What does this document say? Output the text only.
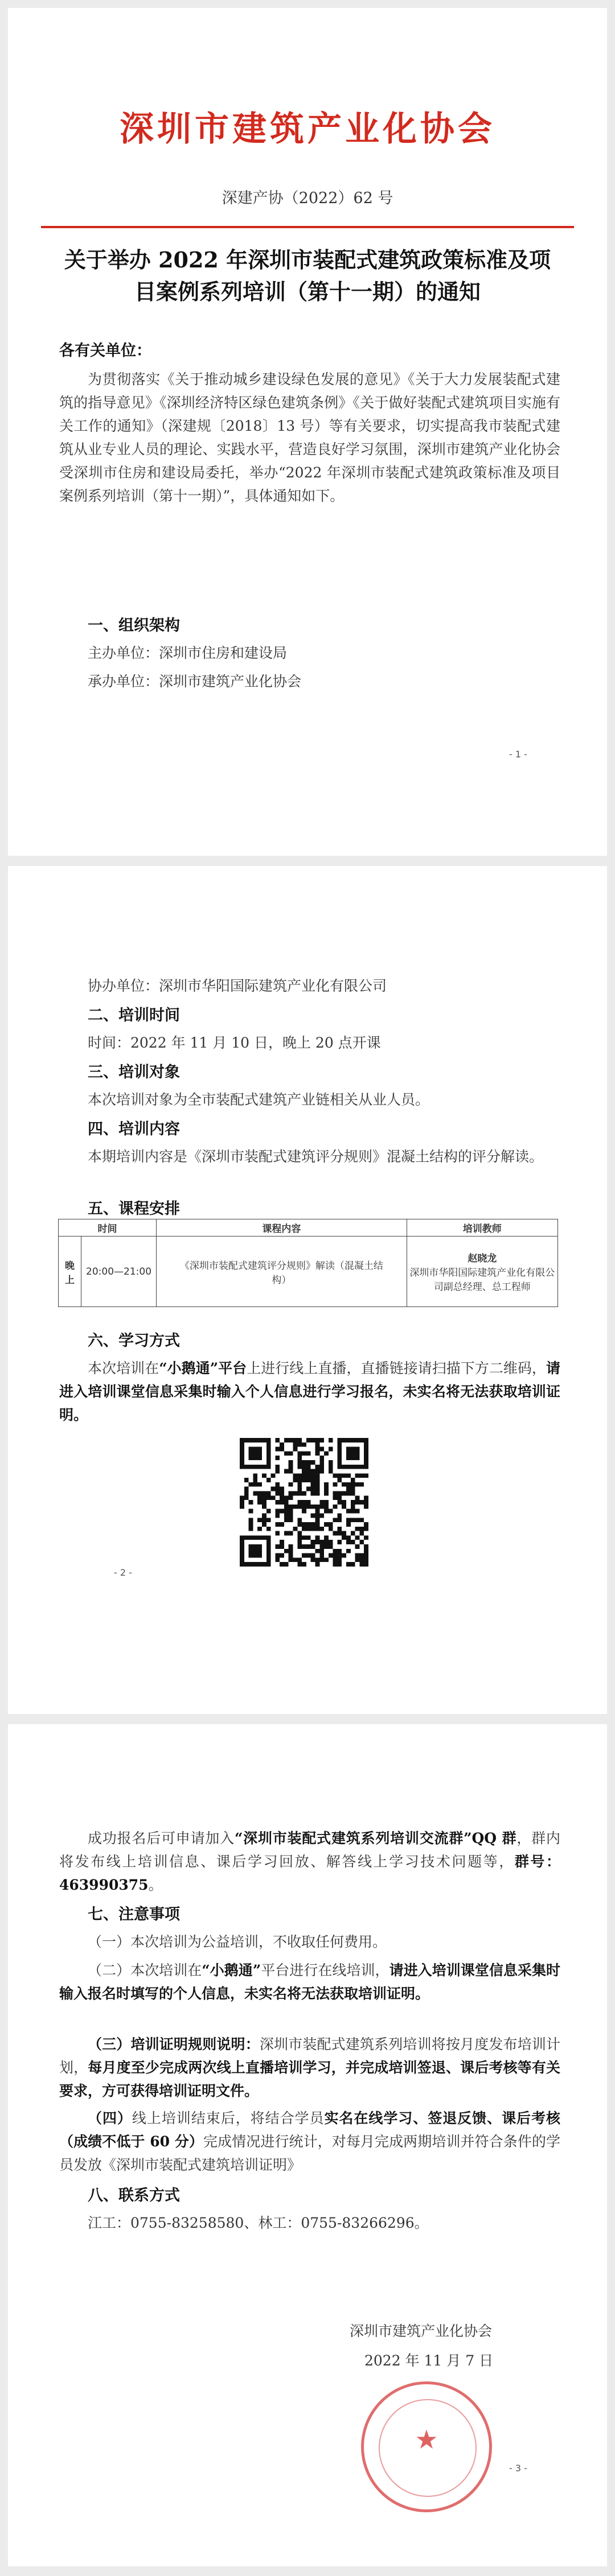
深圳市建筑产业化协会
深建产协（2022）62 号
关于举办 2022 年深圳市装配式建筑政策标准及项目案例系列培训（第十一期）的通知
各有关单位：
为贯彻落实《关于推动城乡建设绿色发展的意见》《关于大力发展装配式建筑的指导意见》《深圳经济特区绿色建筑条例》《关于做好装配式建筑项目实施有关工作的通知》（深建规〔2018〕13 号）等有关要求，切实提高我市装配式建筑从业专业人员的理论、实践水平，营造良好学习氛围，深圳市建筑产业化协会受深圳市住房和建设局委托，举办“2022 年深圳市装配式建筑政策标准及项目案例系列培训（第十一期）”，具体通知如下。
一、组织架构
主办单位：深圳市住房和建设局
承办单位：深圳市建筑产业化协会
- 1 -
协办单位：深圳市华阳国际建筑产业化有限公司
二、培训时间
时间：2022 年 11 月 10 日，晚上 20 点开课
三、培训对象
本次培训对象为全市装配式建筑产业链相关从业人员。
四、培训内容
本期培训内容是《深圳市装配式建筑评分规则》混凝土结构的评分解读。
五、课程安排
时间		课程内容	培训教师
晚上	20:00—21:00	《深圳市装配式建筑评分规则》解读（混凝土结构）	赵晓龙
深圳市华阳国际建筑产业化有限公司副总经理、总工程师
六、学习方式
本次培训在“小鹅通”平台上进行线上直播，直播链接请扫描下方二维码，请进入培训课堂信息采集时输入个人信息进行学习报名，未实名将无法获取培训证明。
- 2 -
成功报名后可申请加入“深圳市装配式建筑系列培训交流群”QQ 群，群内将发布线上培训信息、课后学习回放、解答线上学习技术问题等，群号：463990375。
七、注意事项
（一）本次培训为公益培训，不收取任何费用。
（二）本次培训在“小鹅通”平台进行在线培训，请进入培训课堂信息采集时输入报名时填写的个人信息，未实名将无法获取培训证明。
（三）培训证明规则说明：深圳市装配式建筑系列培训将按月度发布培训计划，每月度至少完成两次线上直播培训学习，并完成培训签退、课后考核等有关要求，方可获得培训证明文件。
（四）线上培训结束后，将结合学员实名在线学习、签退反馈、课后考核（成绩不低于 60 分）完成情况进行统计，对每月完成两期培训并符合条件的学员发放《深圳市装配式建筑培训证明》
八、联系方式
江工：0755-83258580、林工：0755-83266296。
★
深圳市建筑产业化协会
2022 年 11 月 7 日
- 3 -
